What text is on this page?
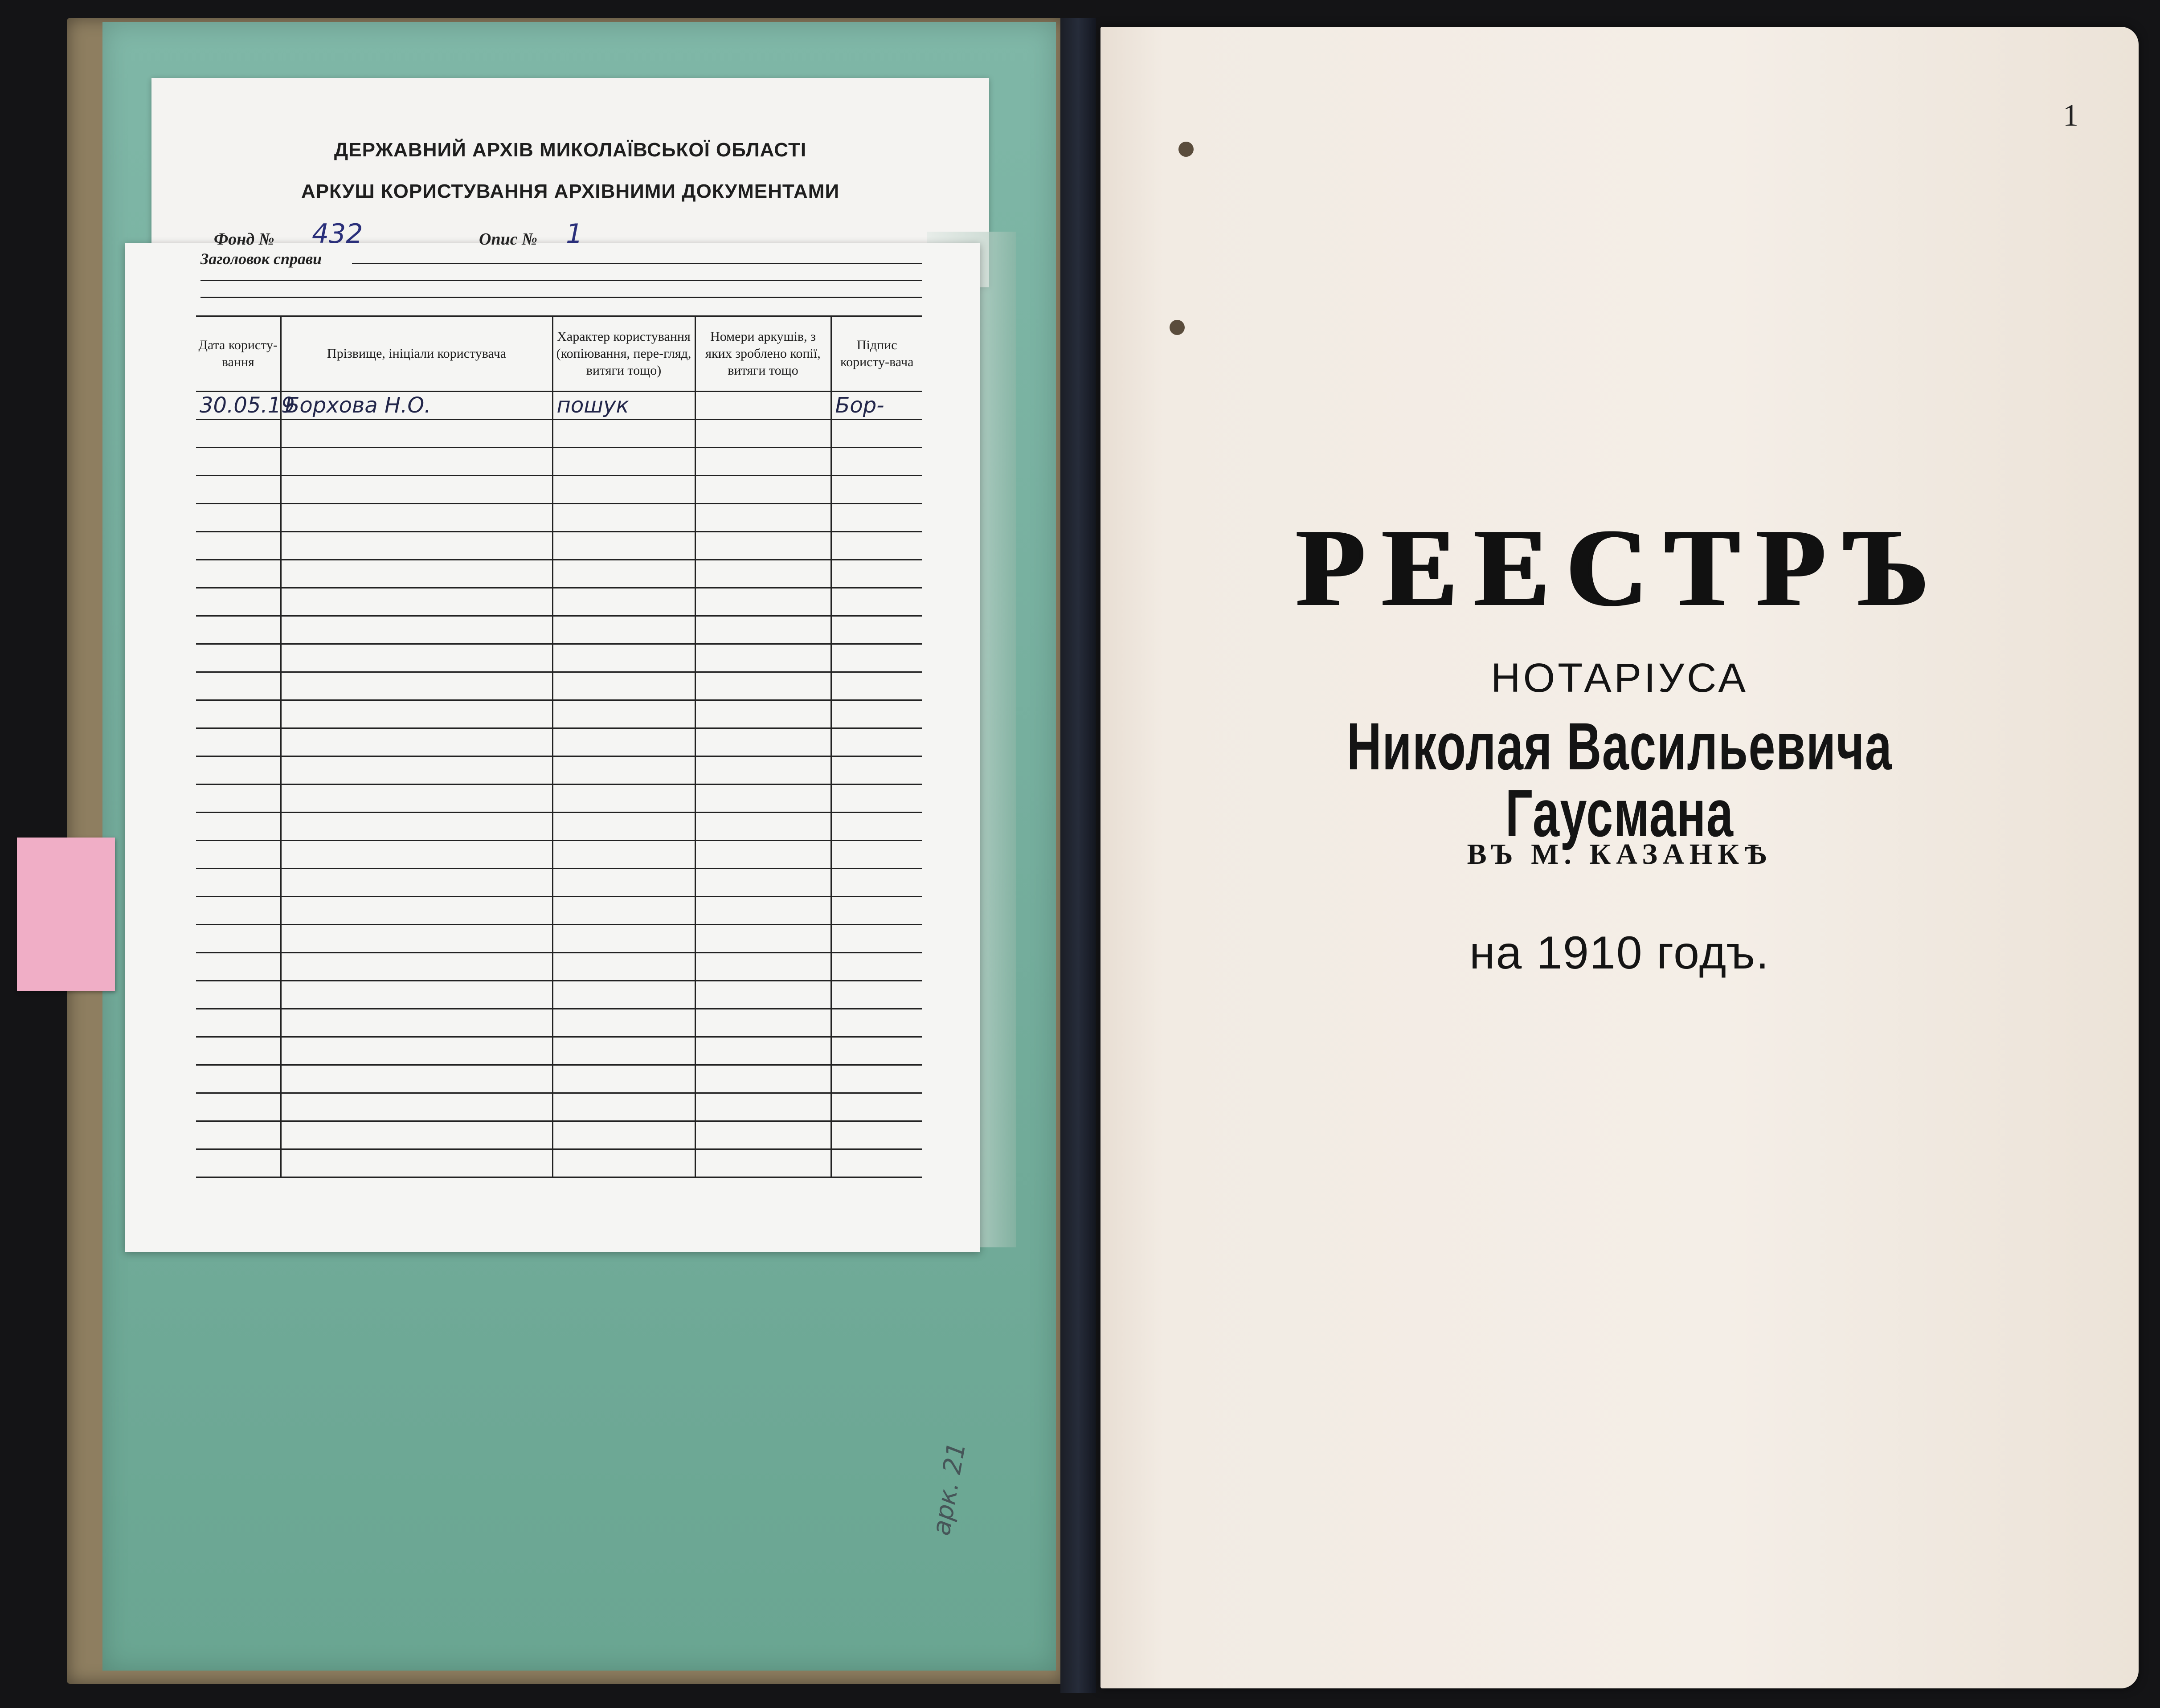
ДЕРЖАВНИЙ АРХІВ МИКОЛАЇВСЬКОЇ ОБЛАСТІ
АРКУШ КОРИСТУВАННЯ АРХІВНИМИ ДОКУМЕНТАМИ
Фонд № 432	Опис № 1
Заголовок справи
Дата користу-вання	Прізвище, ініціали користувача	Характер користування (копіювання, пере-гляд, витяги тощо)	Номери аркушів, з яких зроблено копії, витяги тощо	Підпис користу-вача
30.05.19	Борхова Н.О.	пошук		Бор-

арк. 21
1
РЕЕСТРЪ
НОТАРІУСА
Николая Васильевича Гаусмана
ВЪ М. КАЗАНКѢ
на 1910 годъ.
